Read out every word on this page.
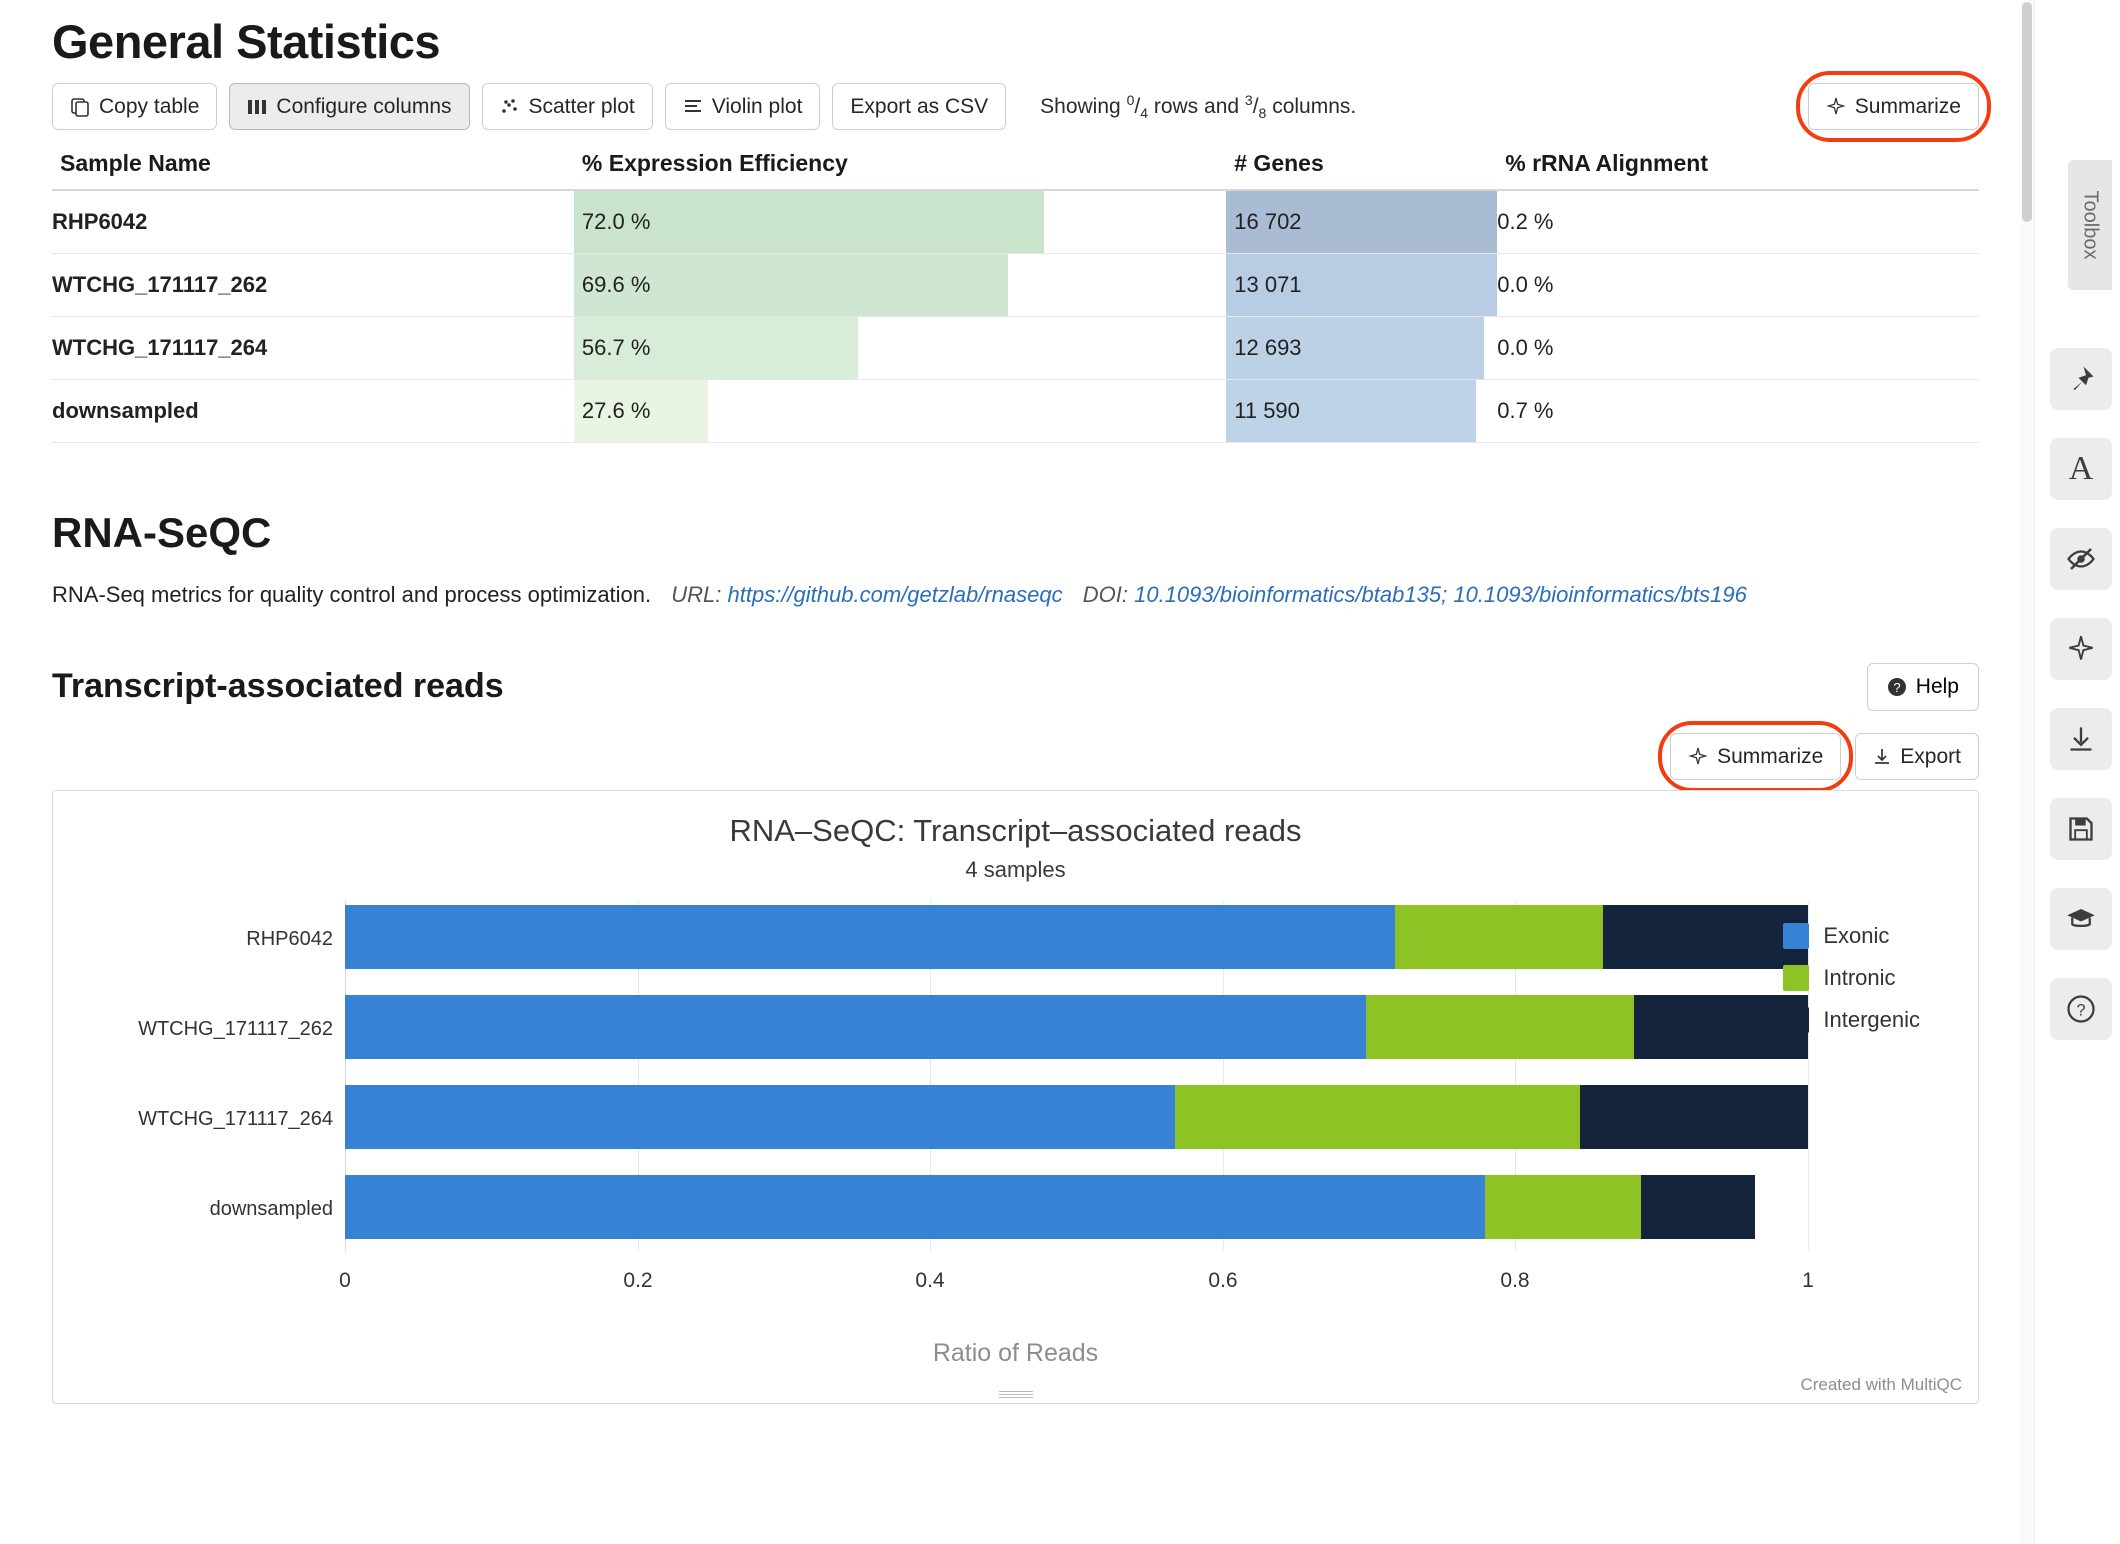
General Statistics
Copy table	Configure columns	Scatter plot	Violin plot Export as CSV Showing $^0/_4$ rows and $^3/_8$ columns.	Summarize
Sample Name	% Expression Efficiency	# Genes	% rRNA Alignment
RHP6042	72.0 %	16 702	0.2 %
WTCHG_171117_262	69.6 %	13 071	0.0 %
WTCHG_171117_264	56.7 %	12 693	0.0 %
downsampled	27.6 %	11 590	0.7 %
RNA-SeQC

RNA-Seq metrics for quality control and process optimization. URL: https://github.com/getzlab/rnaseqc DOI: 10.1093/bioinformatics/btab135; 10.1093/bioinformatics/bts196

Transcript-associated reads	? Help
Summarize	Export
RNA–SeQC: Transcript–associated reads
4 samples
RHP6042
WTCHG_171117_262
WTCHG_171117_264
downsampled
0	0.2	0.4	0.6	0.8	1
Ratio of Reads
Exonic
Intronic
Intergenic
Created with MultiQC
Toolbox
A
?
